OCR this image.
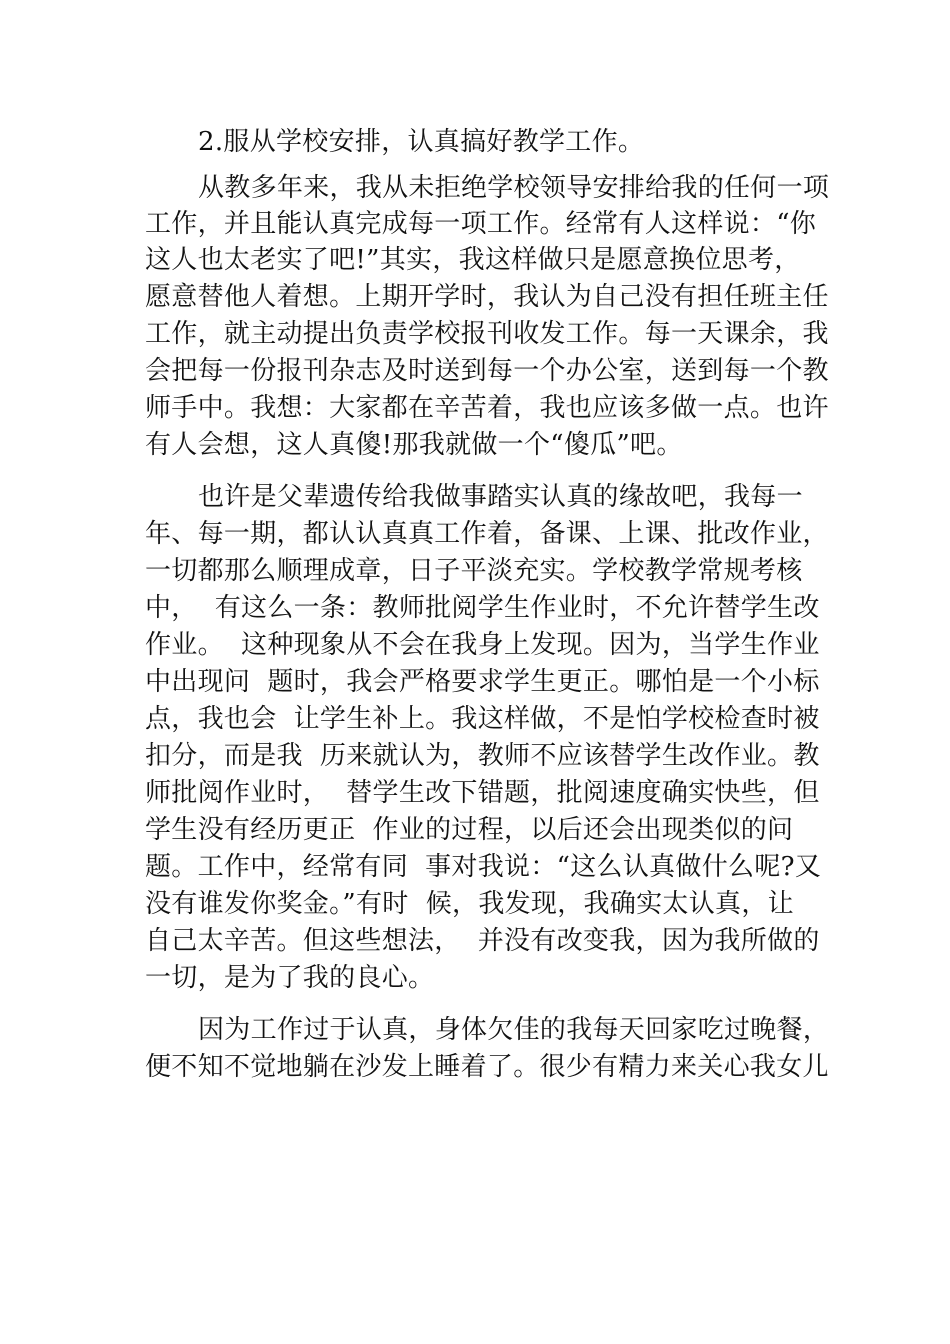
2.服从学校安排，认真搞好教学工作。
从教多年来，我从未拒绝学校领导安排给我的任何一项
工作，并且能认真完成每一项工作。经常有人这样说：“你
这人也太老实了吧!”其实，我这样做只是愿意换位思考，
愿意替他人着想。上期开学时，我认为自己没有担任班主任
工作，就主动提出负责学校报刊收发工作。每一天课余，我
会把每一份报刊杂志及时送到每一个办公室，送到每一个教
师手中。我想：大家都在辛苦着，我也应该多做一点。也许
有人会想，这人真傻!那我就做一个“傻瓜”吧。
也许是父辈遗传给我做事踏实认真的缘故吧，我每一
年、每一期，都认认真真工作着，备课、上课、批改作业，
一切都那么顺理成章，日子平淡充实。学校教学常规考核
中，  有这么一条：教师批阅学生作业时，不允许替学生改
作业。  这种现象从不会在我身上发现。因为，当学生作业
中出现问  题时，我会严格要求学生更正。哪怕是一个小标
点，我也会  让学生补上。我这样做，不是怕学校检查时被
扣分，而是我  历来就认为，教师不应该替学生改作业。教
师批阅作业时，  替学生改下错题，批阅速度确实快些，但
学生没有经历更正  作业的过程，以后还会出现类似的问
题。工作中，经常有同  事对我说：“这么认真做什么呢?又
没有谁发你奖金。”有时  候，我发现，我确实太认真，让
自己太辛苦。但这些想法，  并没有改变我，因为我所做的
一切，是为了我的良心。
因为工作过于认真，身体欠佳的我每天回家吃过晚餐，
便不知不觉地躺在沙发上睡着了。很少有精力来关心我女儿
